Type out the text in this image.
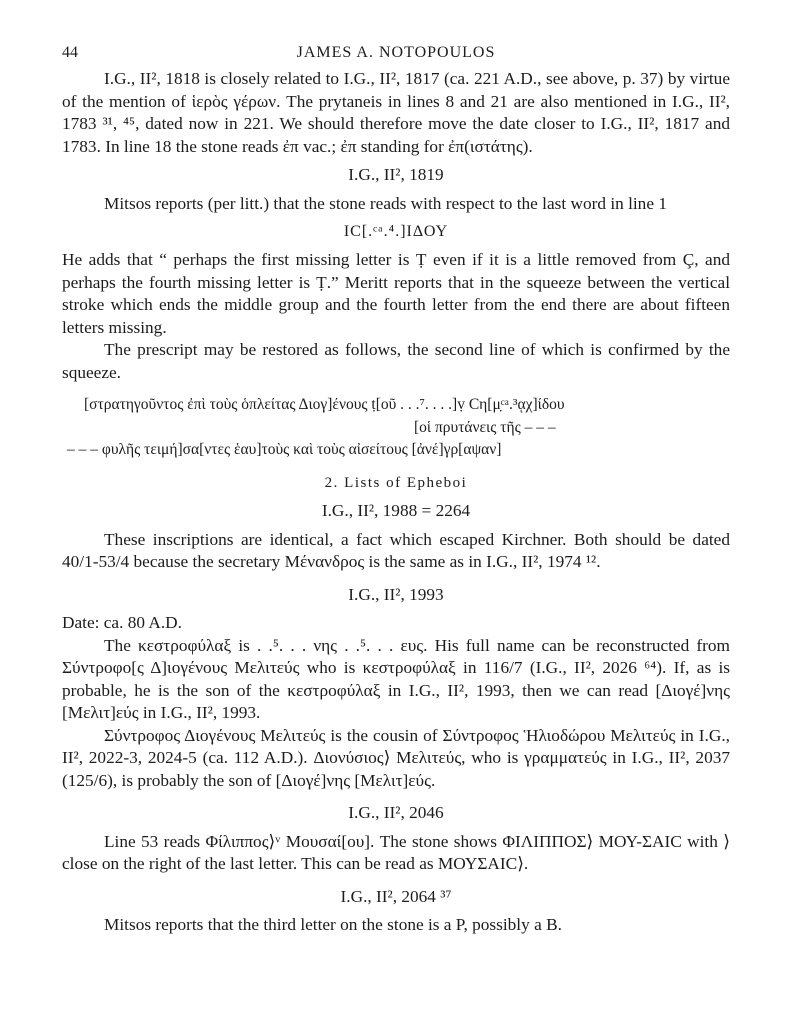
44	JAMES A. NOTOPOULOS

I.G., II², 1818 is closely related to I.G., II², 1817 (ca. 221 A.D., see above, p. 37) by virtue of the mention of ἱερὸς γέρων. The prytaneis in lines 8 and 21 are also mentioned in I.G., II², 1783 ³¹, ⁴⁵, dated now in 221. We should therefore move the date closer to I.G., II², 1817 and 1783. In line 18 the stone reads ἐπ vac.; ἐπ standing for ἐπ(ιστάτης).

I.G., II², 1819

Mitsos reports (per litt.) that the stone reads with respect to the last word in line 1

IϹ[.ᶜᵃ.⁴.]ΙΔΟΥ

He adds that “ perhaps the first missing letter is Ṭ even if it is a little removed from Ç, and perhaps the fourth missing letter is Ṭ.” Meritt reports that in the squeeze between the vertical stroke which ends the middle group and the fourth letter from the end there are about fifteen letters missing.

The prescript may be restored as follows, the second line of which is confirmed by the squeeze.

[στρατηγοῦντος ἐπὶ τοὺς ὁπλείτας Διογ]ένους ṭ[οῦ . . .⁷. . . .]ṿ Ϲη[μ̣ᶜᵃ.³ᾳχ]ίδου
[οἱ πρυτάνεις τῆς – – –
– – – φυλῆς τειμή]σα[ντες ἑαυ]τοὺς καὶ τοὺς αἰσείτους [ἀνέ]γρ[αψαν]
2. Lists of Epheboi
I.G., II², 1988 = 2264

These inscriptions are identical, a fact which escaped Kirchner. Both should be dated 40/1-53/4 because the secretary Μένανδρος is the same as in I.G., II², 1974 ¹².

I.G., II², 1993

Date: ca. 80 A.D.

The κεστροφύλαξ is . .⁵. . . νης . .⁵. . . ευς. His full name can be reconstructed from Σύντροφο[ς Δ]ιογένους Μελιτεύς who is κεστροφύλαξ in 116/7 (I.G., II², 2026 ⁶⁴). If, as is probable, he is the son of the κεστροφύλαξ in I.G., II², 1993, then we can read [Διογέ]νης [Μελιτ]εύς in I.G., II², 1993.

Σύντροφος Διογένους Μελιτεύς is the cousin of Σύντροφος Ἡλιοδώρου Μελιτεύς in I.G., II², 2022-3, 2024-5 (ca. 112 A.D.). Διονύσιος⟩ Μελιτεύς, who is γραμματεύς in I.G., II², 2037 (125/6), is probably the son of [Διογέ]νης [Μελιτ]εύς.

I.G., II², 2046

Line 53 reads Φίλιππος⟩ᵛ Μουσαί[ου]. The stone shows ΦΙΛΙΠΠΟΣ⟩ ΜΟΥ-ΣΑΙϹ with ⟩ close on the right of the last letter. This can be read as ΜΟΥΣΑΙϹ⟩.

I.G., II², 2064 ³⁷

Mitsos reports that the third letter on the stone is a P, possibly a B.
